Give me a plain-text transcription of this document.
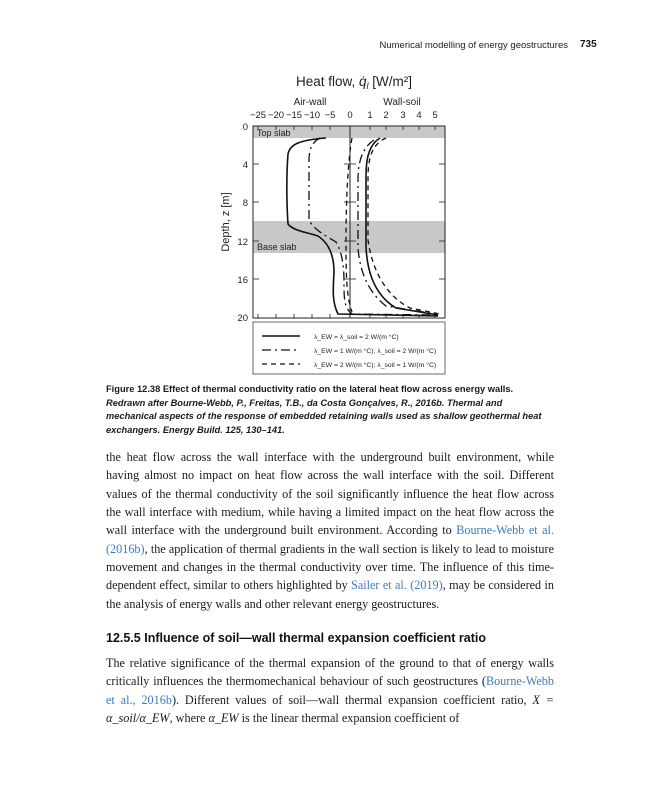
Numerical modelling of energy geostructures 735
Heat flow, $q̇_l$ [W/m²]
Air-wall	Wall-soil
−25 −20 −15 −10 −5 0 1 2 3 4 5
0
4
8
12
16
20
Depth, z [m]
Top slab
Base slab
λ_EW = λ_soil = 2 W/(m °C)
λ_EW = 1 W/(m °C); λ_soil = 2 W/(m °C)
λ_EW = 2 W/(m °C); λ_soil = 1 W/(m °C)
Figure 12.38 Effect of thermal conductivity ratio on the lateral heat flow across energy walls. Redrawn after Bourne-Webb, P., Freitas, T.B., da Costa Gonçalves, R., 2016b. Thermal and mechanical aspects of the response of embedded retaining walls used as shallow geothermal heat exchangers. Energy Build. 125, 130–141.
the heat flow across the wall interface with the underground built environment, while having almost no impact on heat flow across the wall interface with the soil. Different values of the thermal conductivity of the soil significantly influence the heat flow across the wall interface with medium, while having a limited impact on the heat flow across the wall interface with the underground built environment. According to Bourne-Webb et al. (2016b), the application of thermal gradients in the wall section is likely to lead to moisture movement and changes in the thermal conductivity over time. The influence of this time-dependent effect, similar to others highlighted by Sailer et al. (2019), may be considered in the analysis of energy walls and other relevant energy geostructures.
12.5.5 Influence of soil—wall thermal expansion coefficient ratio
The relative significance of the thermal expansion of the ground to that of energy walls critically influences the thermomechanical behaviour of such geostructures (Bourne-Webb et al., 2016b). Different values of soil—wall thermal expansion coefficient ratio, X = α_soil/α_EW, where α_EW is the linear thermal expansion coefficient of
